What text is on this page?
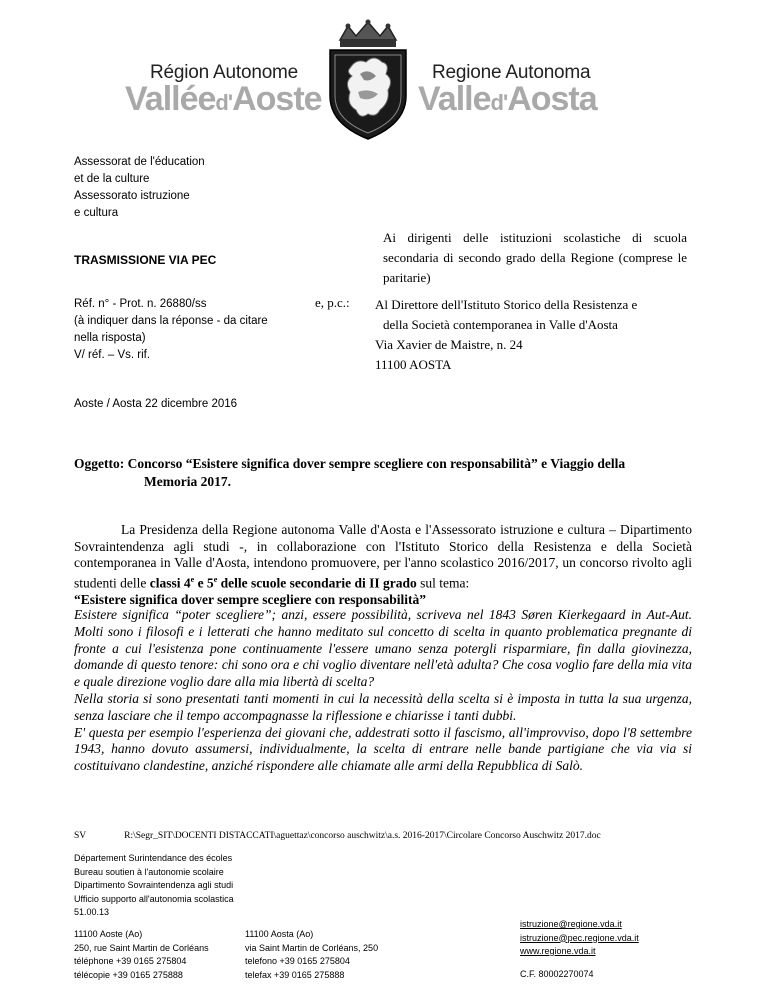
Région Autonome
Valléed'Aoste
Regione Autonoma
Valled'Aosta
Assessorat de l'éducation
et de la culture
Assessorato istruzione
e cultura
TRASMISSIONE VIA PEC
Réf. n° - Prot. n. 26880/ss
(à indiquer dans la réponse - da citare nella risposta)
V/ réf. – Vs. rif.
Ai dirigenti delle istituzioni scolastiche di scuola secondaria di secondo grado della Regione (comprese le paritarie)
e, p.c.: Al Direttore dell'Istituto Storico della Resistenza e
della Società contemporanea in Valle d'Aosta
Via Xavier de Maistre, n. 24
11100 AOSTA
Aoste / Aosta 22 dicembre 2016
Oggetto: Concorso “Esistere significa dover sempre scegliere con responsabilità” e Viaggio della
Memoria 2017.
La Presidenza della Regione autonoma Valle d'Aosta e l'Assessorato istruzione e cultura – Dipartimento Sovraintendenza agli studi -, in collaborazione con l'Istituto Storico della Resistenza e della Società contemporanea in Valle d'Aosta, intendono promuovere, per l'anno scolastico 2016/2017, un concorso rivolto agli studenti delle classi 4e e 5e delle scuole secondarie di II grado sul tema:
“Esistere significa dover sempre scegliere con responsabilità”

Esistere significa “poter scegliere”; anzi, essere possibilità, scriveva nel 1843 Søren Kierkegaard in Aut-Aut. Molti sono i filosofi e i letterati che hanno meditato sul concetto di scelta in quanto problematica pregnante di fronte a cui l'esistenza pone continuamente l'essere umano senza potergli risparmiare, fin dalla giovinezza, domande di questo tenore: chi sono ora e chi voglio diventare nell'età adulta? Che cosa voglio fare della mia vita e quale direzione voglio dare alla mia libertà di scelta?

Nella storia si sono presentati tanti momenti in cui la necessità della scelta si è imposta in tutta la sua urgenza, senza lasciare che il tempo accompagnasse la riflessione e chiarisse i tanti dubbi.

E' questa per esempio l'esperienza dei giovani che, addestrati sotto il fascismo, all'improvviso, dopo l'8 settembre 1943, hanno dovuto assumersi, individualmente, la scelta di entrare nelle bande partigiane che via via si costituivano clandestine, anziché rispondere alle chiamate alle armi della Repubblica di Salò.

SV	R:\Segr_SIT\DOCENTI DISTACCATI\aguettaz\concorso auschwitz\a.s. 2016-2017\Circolare Concorso Auschwitz 2017.doc
Département Surintendance des écoles
Bureau soutien à l'autonomie scolaire
Dipartimento Sovraintendenza agli studi
Ufficio supporto all'autonomia scolastica
51.00.13
11100 Aoste (Ao)
250, rue Saint Martin de Corléans
téléphone +39 0165 275804
télécopie +39 0165 275888
11100 Aosta (Ao)
via Saint Martin de Corléans, 250
telefono +39 0165 275804
telefax +39 0165 275888
istruzione@regione.vda.it
istruzione@pec.regione.vda.it
www.regione.vda.it
C.F. 80002270074
